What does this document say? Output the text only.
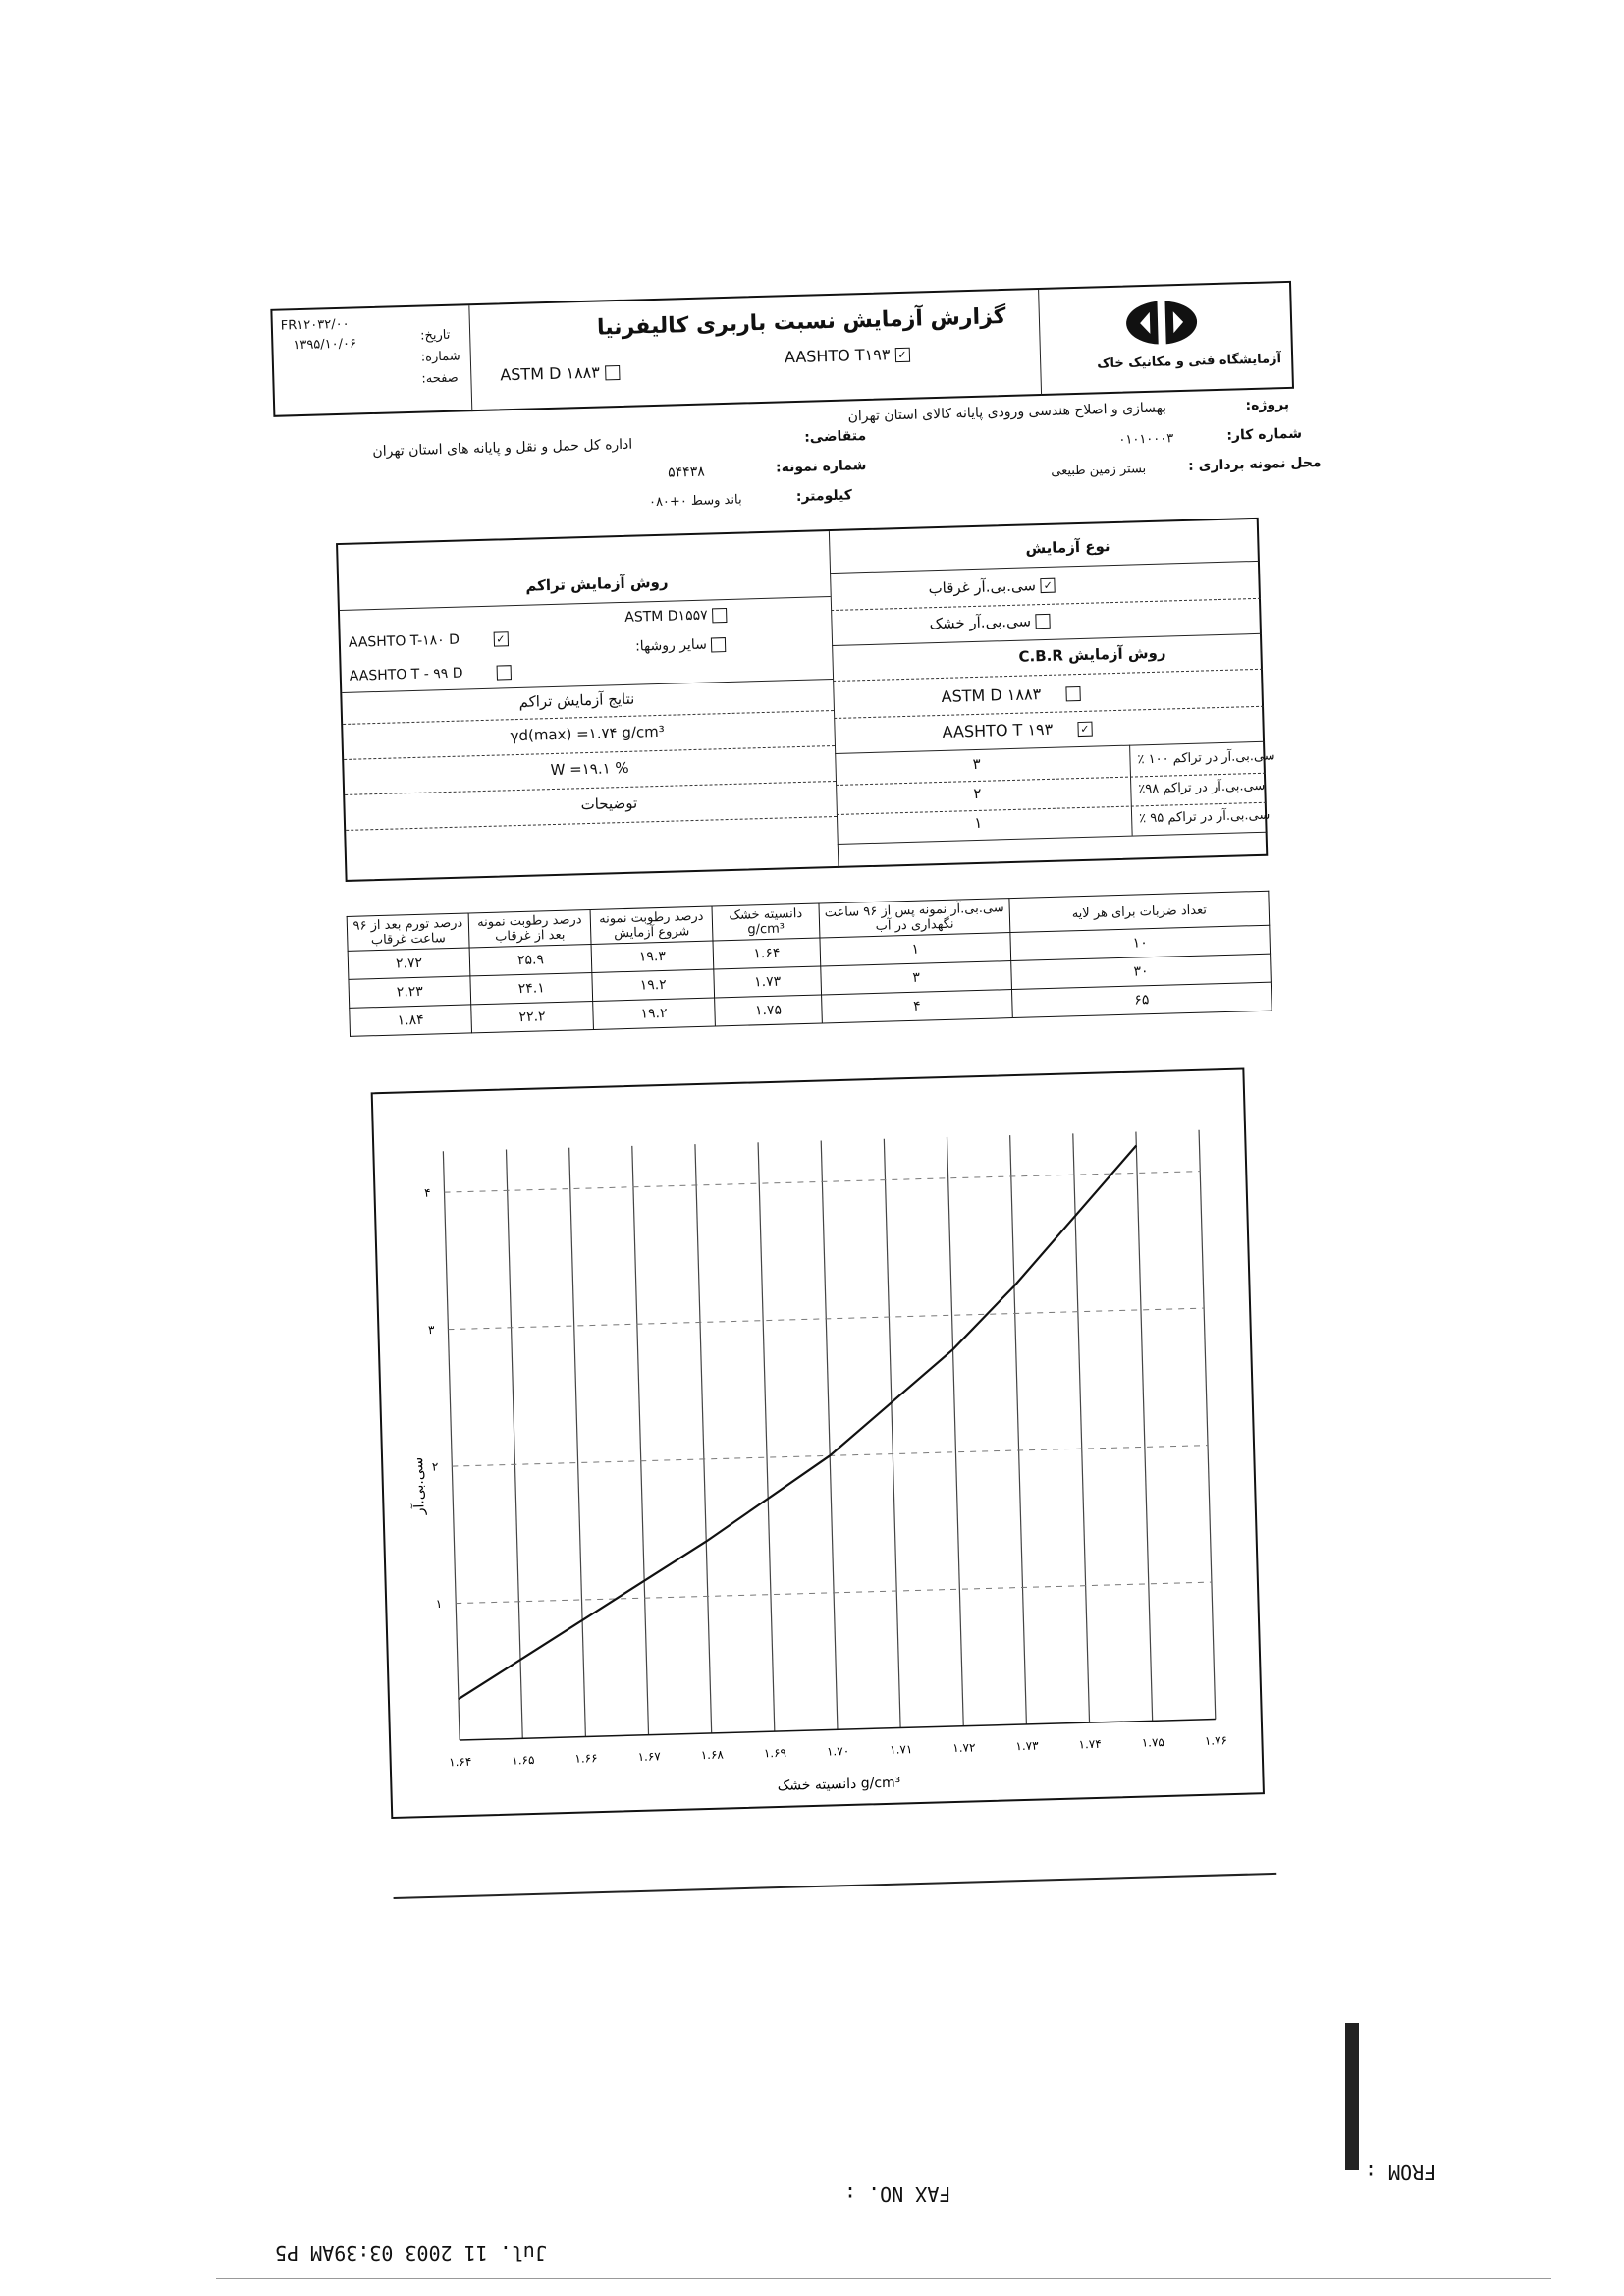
FR۱۲۰۳۲/۰۰
۱۳۹۵/۱۰/۰۶
تاریخ:
شماره:
صفحه:
گزارش آزمایش نسبت باربری کالیفرنیا
ASTM D ۱۸۸۳
AASHTO T۱۹۳ ✓	آزمایشگاه فنی و مکانیک خاک
پروژه:
بهسازی و اصلاح هندسی ورودی پایانه کالای استان تهران
شماره کار:
۰۱۰۱۰۰۰۳
محل نمونه برداری :
بستر زمین طبیعی
متقاضی:
اداره کل حمل و نقل و پایانه های استان تهران
شماره نمونه:
۵۴۴۳۸
کیلومتر:
باند وسط ۰+۰۸۰
نوع آزمایش
✓ سی.بی.آر غرقاب
سی.بی.آر خشک
روش آزمایش C.B.R
ASTM D ۱۸۸۳
AASHTO T ۱۹۳	✓
سی.بی.آر در تراکم ۱۰۰ ٪
۳
سی.بی.آر در تراکم ۹۸٪
۲
سی.بی.آر در تراکم ۹۵ ٪
۱
روش آزمایش تراکم
ASTM D۱۵۵۷
AASHTO T-۱۸۰ D	✓	سایر روشها:
AASHTO T - ۹۹ D
نتایج آزمایش تراکم
γd(max) =۱.۷۴ g/cm³
W =۱۹.۱ %
توضیحات
درصد تورم بعد از ۹۶ ساعت غرقاب	درصد رطوبت نمونه بعد از غرقاب	درصد رطوبت نمونه شروع آزمایش	دانسیته خشک g/cm³	سی.بی.آر نمونه پس از ۹۶ ساعت نگهداری در آب	تعداد ضربات برای هر لایه
۲.۷۲	۲۵.۹	۱۹.۳	۱.۶۴	۱	۱۰
۲.۲۳	۲۴.۱	۱۹.۲	۱.۷۳	۳	۳۰
۱.۸۴	۲۲.۲	۱۹.۲	۱.۷۵	۴	۶۵
۱.۶۴	۱.۶۵	۱.۶۶	۱.۶۷	۱.۶۸	۱.۶۹	۱.۷۰	۱.۷۱	۱.۷۲	۱.۷۳	۱.۷۴	۱.۷۵	۱.۷۶
۱
۲
۳
۴
دانسیته خشک g/cm³
سی.بی.آر
FROM :
FAX NO. :
Jul. 11 2003 03:39AM P5
